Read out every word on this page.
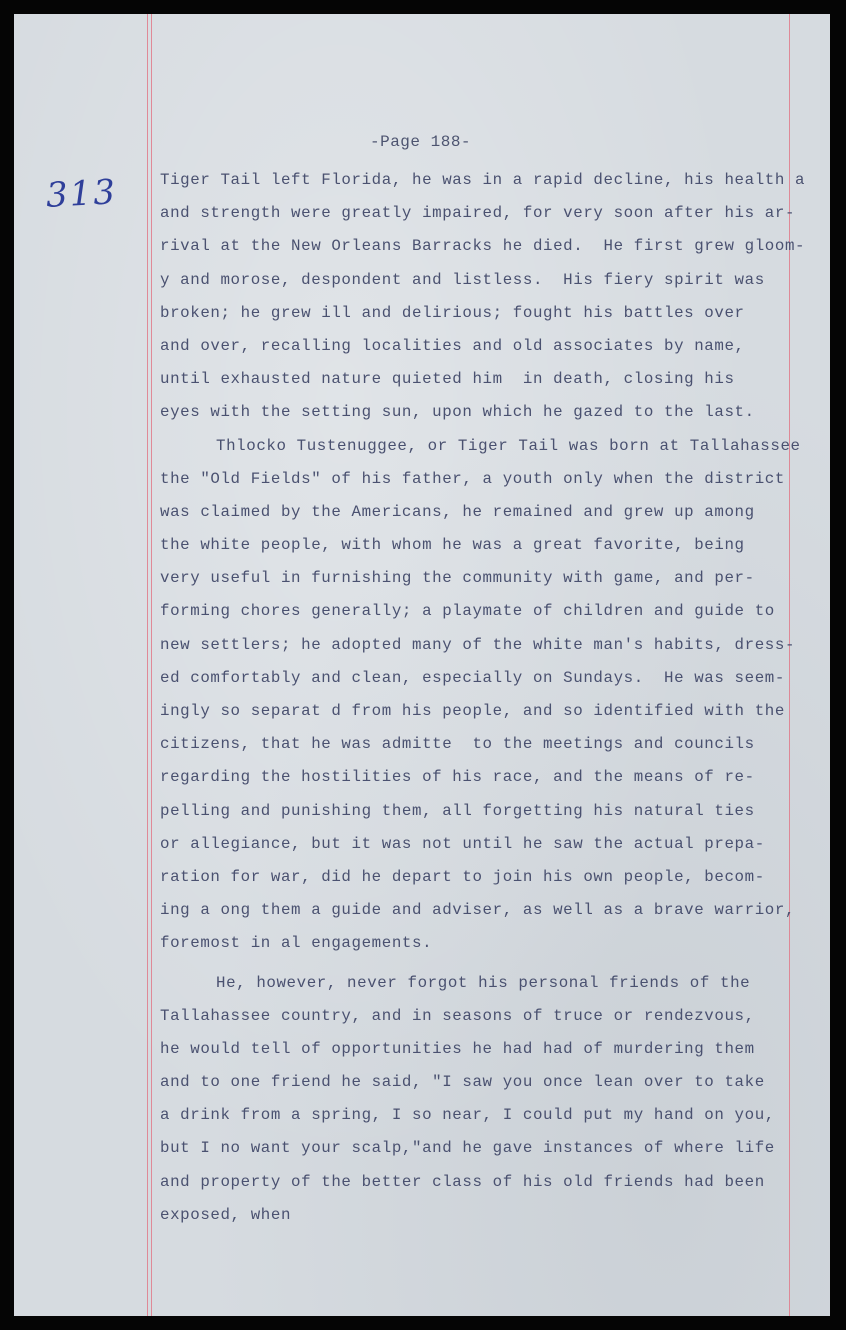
-Page 188-
313	Tiger Tail left Florida, he was in a rapid decline, his health a
and strength were greatly impaired, for very soon after his ar-
rival at the New Orleans Barracks he died.  He first grew gloom-
y and morose, despondent and listless.  His fiery spirit was
broken; he grew ill and delirious; fought his battles over
and over, recalling localities and old associates by name,
until exhausted nature quieted him  in death, closing his
eyes with the setting sun, upon which he gazed to the last.
Thlocko Tustenuggee, or Tiger Tail was born at Tallahassee
the "Old Fields" of his father, a youth only when the district
was claimed by the Americans, he remained and grew up among
the white people, with whom he was a great favorite, being
very useful in furnishing the community with game, and per-
forming chores generally; a playmate of children and guide to
new settlers; he adopted many of the white man's habits, dress-
ed comfortably and clean, especially on Sundays.  He was seem-
ingly so separat d from his people, and so identified with the
citizens, that he was admitte  to the meetings and councils
regarding the hostilities of his race, and the means of re-
pelling and punishing them, all forgetting his natural ties
or allegiance, but it was not until he saw the actual prepa-
ration for war, did he depart to join his own people, becom-
ing a ong them a guide and adviser, as well as a brave warrior,
foremost in al engagements.
He, however, never forgot his personal friends of the
Tallahassee country, and in seasons of truce or rendezvous,
he would tell of opportunities he had had of murdering them
and to one friend he said, "I saw you once lean over to take
a drink from a spring, I so near, I could put my hand on you,
but I no want your scalp,"and he gave instances of where life
and property of the better class of his old friends had been
exposed, when
